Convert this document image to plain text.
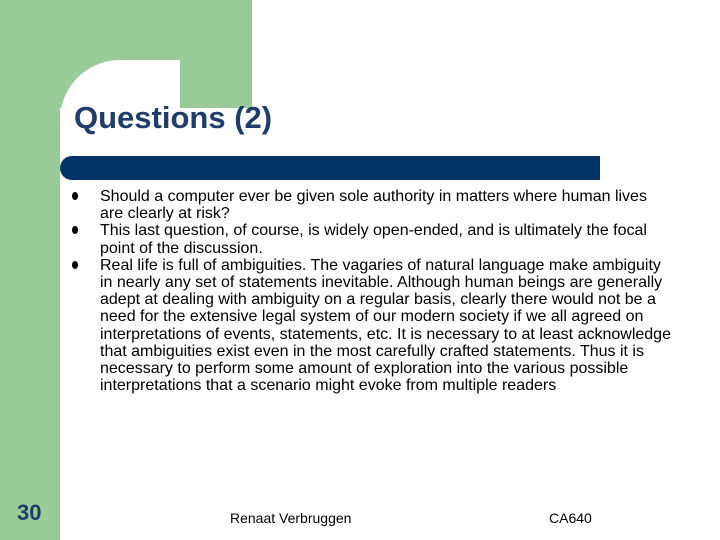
Questions (2)
Should a computer ever be given sole authority in matters where human lives are clearly at risk?
This last question, of course, is widely open-ended, and is ultimately the focal point of the discussion.
Real life is full of ambiguities. The vagaries of natural language make ambiguity in nearly any set of statements inevitable. Although human beings are generally adept at dealing with ambiguity on a regular basis, clearly there would not be a need for the extensive legal system of our modern society if we all agreed on interpretations of events, statements, etc. It is necessary to at least acknowledge that ambiguities exist even in the most carefully crafted statements. Thus it is necessary to perform some amount of exploration into the various possible interpretations that a scenario might evoke from multiple readers
30	Renaat Verbruggen	CA640
